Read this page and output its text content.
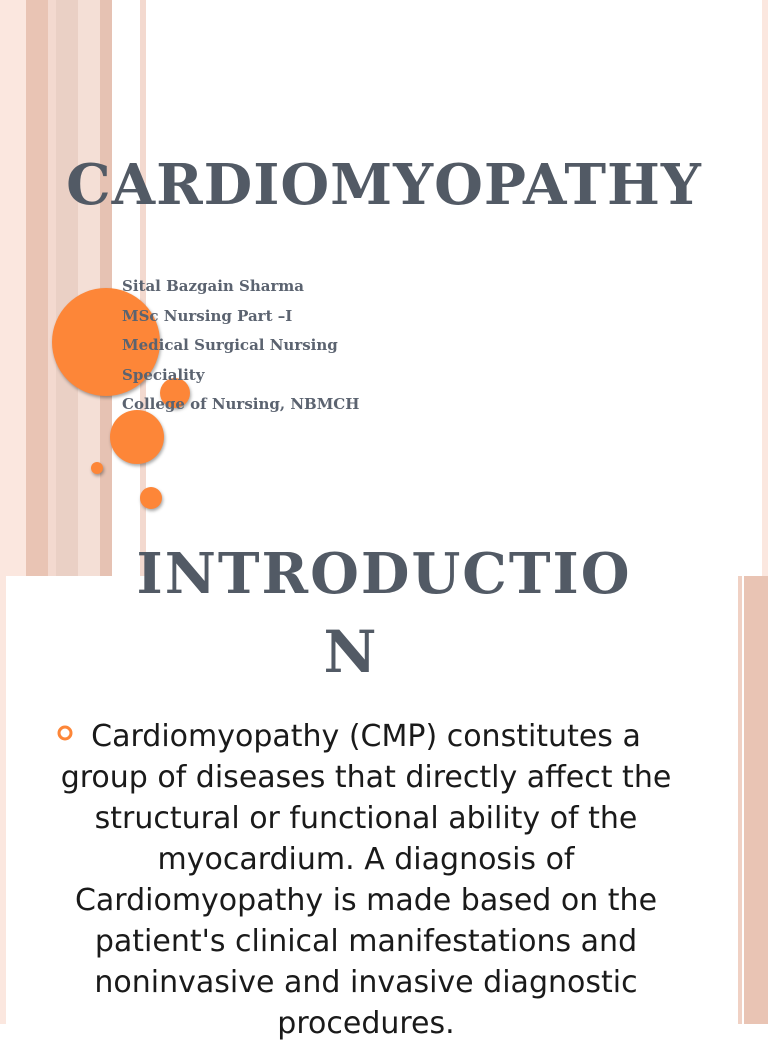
CARDIOMYOPATHY
Sital Bazgain Sharma
MSc Nursing Part –I
Medical Surgical Nursing
Speciality
College of Nursing, NBMCH
INTRODUCTIO
N

Cardiomyopathy (CMP) constitutes a group of diseases that directly affect the structural or functional ability of the myocardium. A diagnosis of Cardiomyopathy is made based on the patient's clinical manifestations and noninvasive and invasive diagnostic procedures.
